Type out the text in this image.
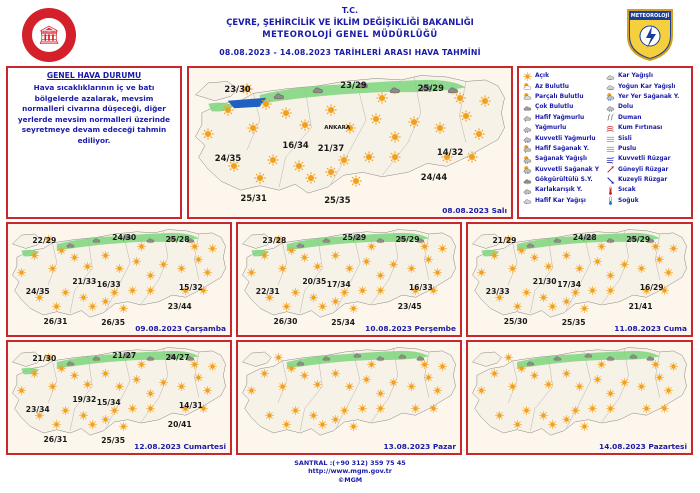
🏛
T.C.
ÇEVRE, ŞEHİRCİLİK VE İKLİM DEĞİŞİKLİĞİ BAKANLIĞI
METEOROLOJİ GENEL MÜDÜRLÜĞÜ
08.08.2023 - 14.08.2023 TARİHLERİ ARASI HAVA TAHMİNİ
METEOROLOJİ
GENEL HAVA DURUMU
Hava sıcaklıklarının iç ve batı bölgelerde azalarak, mevsim normalleri civarına düşeceği, diğer yerlerde mevsim normalleri üzerinde seyretmeye devam edeceği tahmin ediliyor.
08.08.2023 Salı
23/30	23/29	25/29
16/34 21/37	14/32
24/35
24/44
25/31	25/35
ANKARA
Açık
**
Kar Yağışlı
Az Bulutlu
***
Yoğun Kar Yağışlı
Parçalı Bulutlu	Yer Yer Sağanak Y.
Çok Bulutlu	Dolu
Hafif Yağmurlu	Duman
Yağmurlu	Kum Fırtınası
Kuvvetli Yağmurlu	Sisli
Hafif Sağanak Y.	Puslu
Sağanak Yağışlı	Kuvvetli Rüzgar
Kuvvetli Sağanak Y	Güneyli Rüzgar
Gökgürültülü S.Y.	Kuzeyli Rüzgar
*
Karlakarışık Y.	Sıcak
*
Hafif Kar Yağışı	Soğuk
09.08.2023 Çarşamba
22/29	24/30	25/28
21/33 16/33	15/32
24/35
23/44
26/31	26/35
10.08.2023 Perşembe
23/28	25/29	25/29
20/35 17/34	16/33
22/31
23/45
26/30	25/34
11.08.2023 Cuma
21/29	24/28	25/29
21/30 17/34	16/29
23/33
21/41
25/30	25/35
12.08.2023 Cumartesi
21/30	21/27	24/27
19/32 15/34	14/31
23/34
20/41
26/31	25/35
13.08.2023 Pazar	14.08.2023 Pazartesi
SANTRAL :(+90 312) 359 75 45
http://www.mgm.gov.tr
©MGM
